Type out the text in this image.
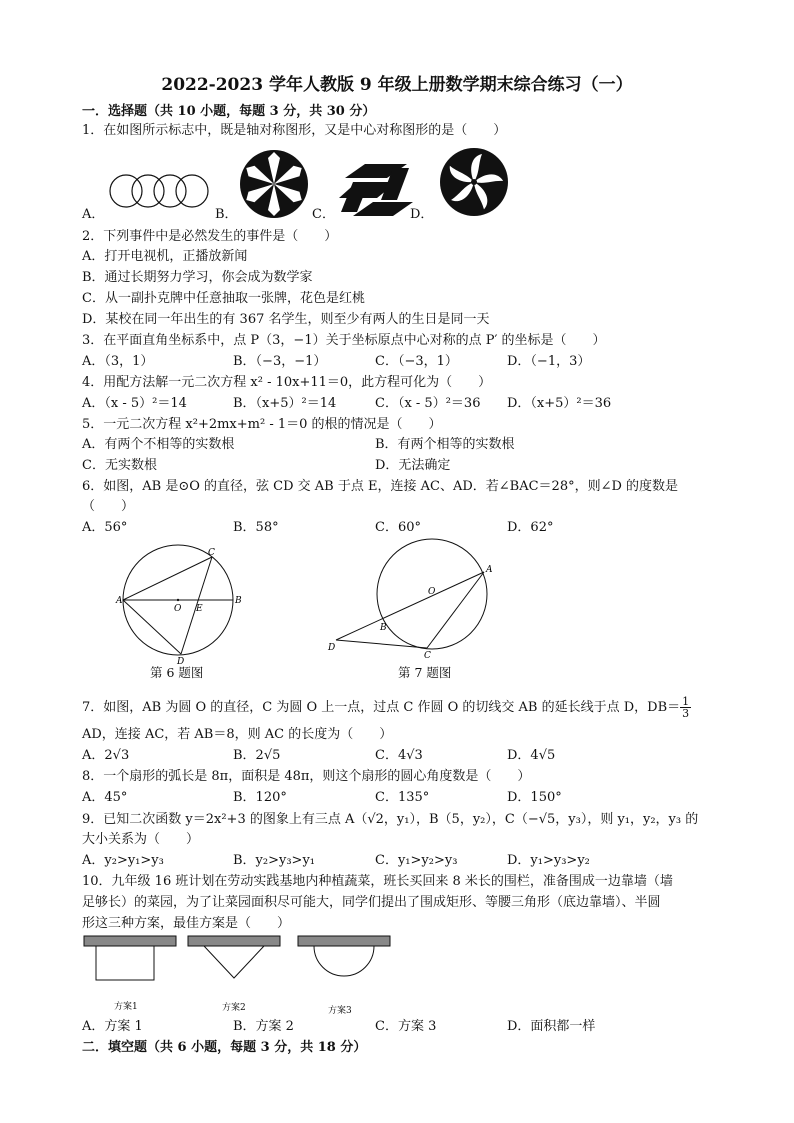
2022-2023 学年人教版 9 年级上册数学期末综合练习（一）
一．选择题（共 10 小题，每题 3 分，共 30 分）
1．在如图所示标志中，既是轴对称图形，又是中心对称图形的是（　　）
A．	B．	C．	D．
2．下列事件中是必然发生的事件是（　　）
A．打开电视机，正播放新闻
B．通过长期努力学习，你会成为数学家
C．从一副扑克牌中任意抽取一张牌，花色是红桃
D．某校在同一年出生的有 367 名学生，则至少有两人的生日是同一天
3．在平面直角坐标系中，点 P（3，−1）关于坐标原点中心对称的点 P′ 的坐标是（　　）
A．（3，1）	B．（−3，−1）	C．（−3，1）	D．（−1，3）
4．用配方法解一元二次方程 x² - 10x+11＝0，此方程可化为（　　）
A．（x - 5）²＝14	B．（x+5）²＝14	C．（x - 5）²＝36 D．（x+5）²＝36
5．一元二次方程 x²+2mx+m² - 1＝0 的根的情况是（　　）
A．有两个不相等的实数根	B．有两个相等的实数根
C．无实数根	D．无法确定
6．如图，AB 是⊙O 的直径，弦 CD 交 AB 于点 E，连接 AC、AD．若∠BAC＝28°，则∠D 的度数是
（　　）
A．56°	B．58°	C．60°	D．62°
A	B
C
D
O E
第 6 题图
A
B
C
D
O
第 7 题图
7．如图，AB 为圆 O 的直径，C 为圆 O 上一点，过点 C 作圆 O 的切线交 AB 的延长线于点 D，$DB= \frac{1}{3}$
AD，连接 AC，若 AB＝8，则 AC 的长度为（　　）
A．2√3	B．2√5	C．4√3	D．4√5
8．一个扇形的弧长是 8π，面积是 48π，则这个扇形的圆心角度数是（　　）
A．45°	B．120°	C．135°	D．150°
9．已知二次函数 y＝2x²+3 的图象上有三点 A（√2，y₁），B（5，y₂），C（−√5，y₃），则 y₁，y₂，y₃ 的
大小关系为（　　）
A．y₂>y₁>y₃	B．y₂>y₃>y₁	C．y₁>y₂>y₃	D．y₁>y₃>y₂
10．九年级 16 班计划在劳动实践基地内种植蔬菜，班长买回来 8 米长的围栏，准备围成一边靠墙（墙
足够长）的菜园，为了让菜园面积尽可能大，同学们提出了围成矩形、等腰三角形（底边靠墙）、半圆
形这三种方案，最佳方案是（　　）
方案1	方案2	方案3
A．方案 1	B．方案 2	C．方案 3	D．面积都一样
二．填空题（共 6 小题，每题 3 分，共 18 分）
